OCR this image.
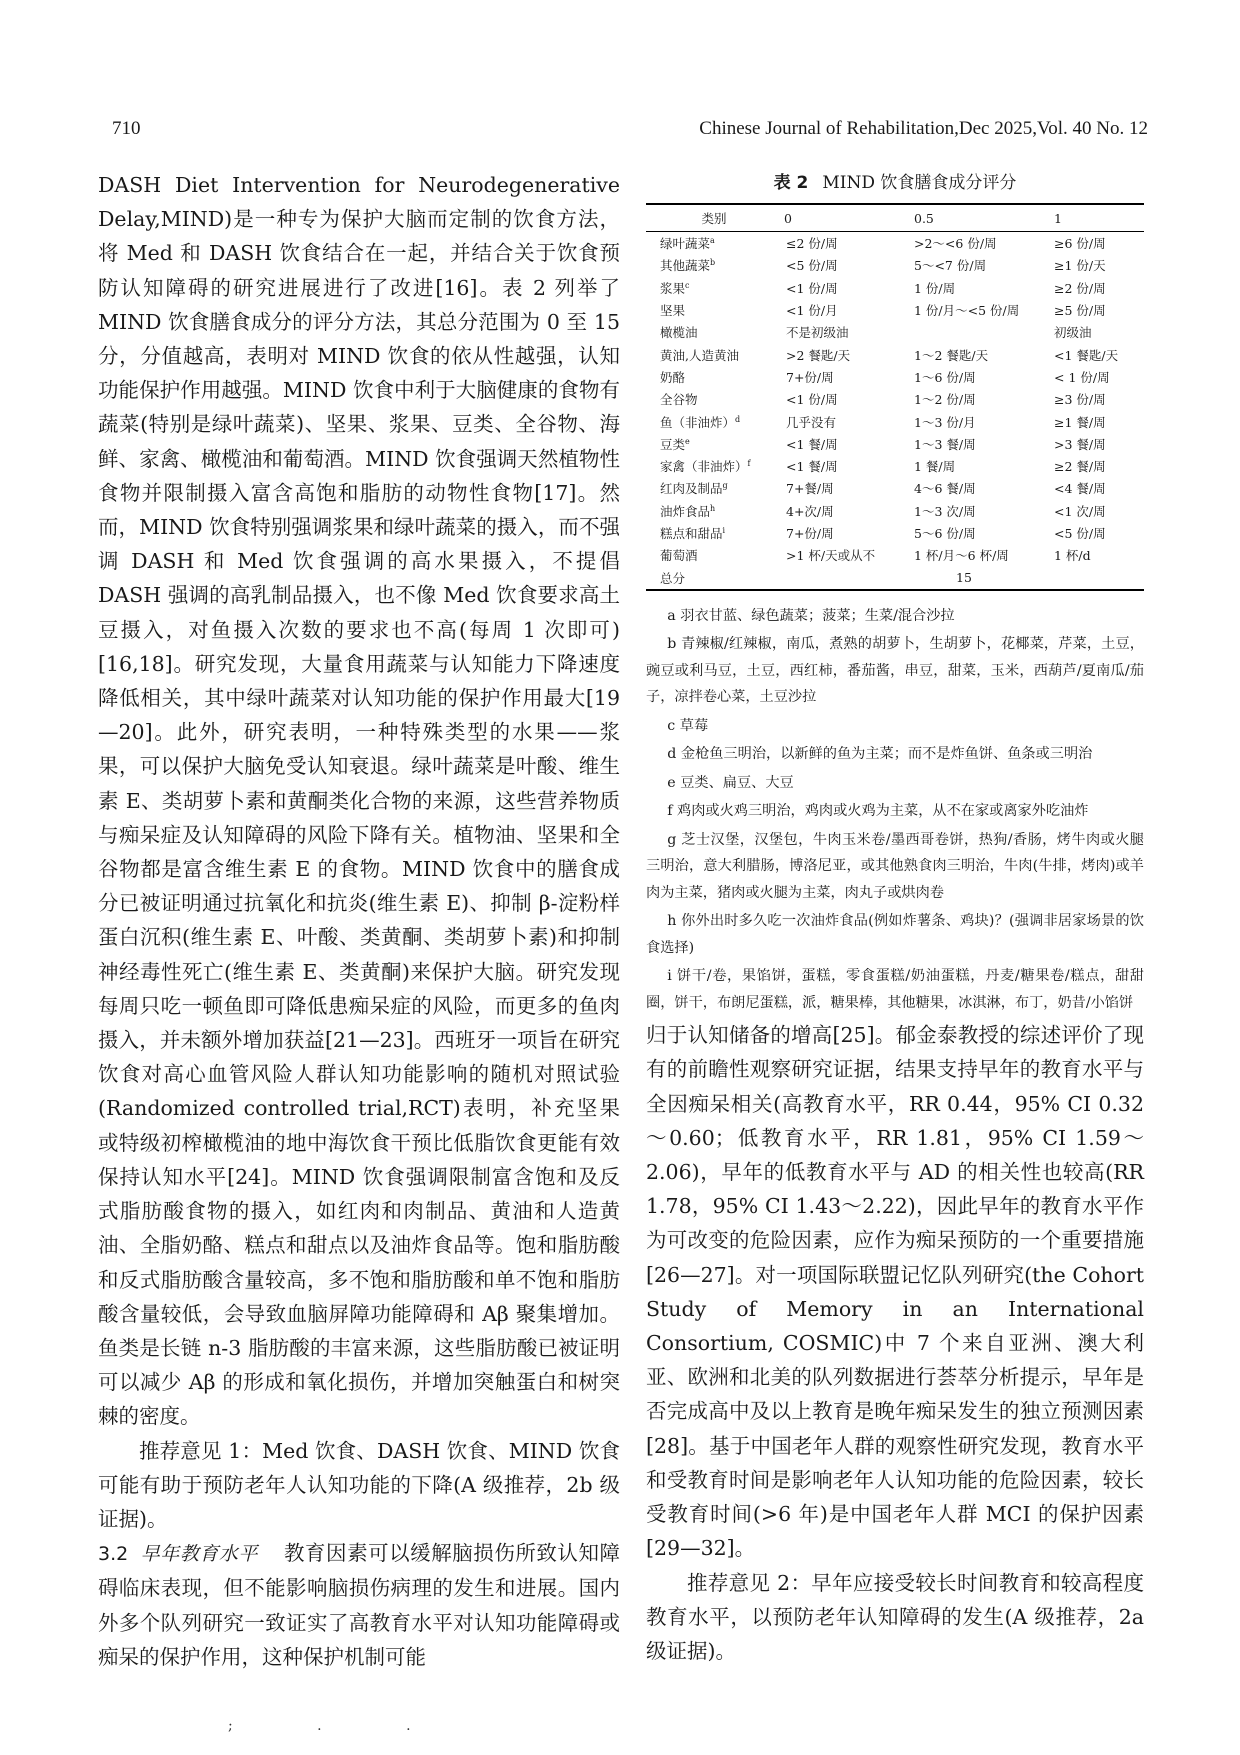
710	Chinese Journal of Rehabilitation,Dec 2025,Vol. 40 No. 12

DASH Diet Intervention for Neurodegenerative Delay,MIND)是一种专为保护大脑而定制的饮食方法，将 Med 和 DASH 饮食结合在一起，并结合关于饮食预防认知障碍的研究进展进行了改进[16]。表 2 列举了 MIND 饮食膳食成分的评分方法，其总分范围为 0 至 15 分，分值越高，表明对 MIND 饮食的依从性越强，认知功能保护作用越强。MIND 饮食中利于大脑健康的食物有蔬菜(特别是绿叶蔬菜)、坚果、浆果、豆类、全谷物、海鲜、家禽、橄榄油和葡萄酒。MIND 饮食强调天然植物性食物并限制摄入富含高饱和脂肪的动物性食物[17]。然而，MIND 饮食特别强调浆果和绿叶蔬菜的摄入，而不强调 DASH 和 Med 饮食强调的高水果摄入，不提倡 DASH 强调的高乳制品摄入，也不像 Med 饮食要求高土豆摄入，对鱼摄入次数的要求也不高(每周 1 次即可)[16,18]。研究发现，大量食用蔬菜与认知能力下降速度降低相关，其中绿叶蔬菜对认知功能的保护作用最大[19—20]。此外，研究表明，一种特殊类型的水果——浆果，可以保护大脑免受认知衰退。绿叶蔬菜是叶酸、维生素 E、类胡萝卜素和黄酮类化合物的来源，这些营养物质与痴呆症及认知障碍的风险下降有关。植物油、坚果和全谷物都是富含维生素 E 的食物。MIND 饮食中的膳食成分已被证明通过抗氧化和抗炎(维生素 E)、抑制 β-淀粉样蛋白沉积(维生素 E、叶酸、类黄酮、类胡萝卜素)和抑制神经毒性死亡(维生素 E、类黄酮)来保护大脑。研究发现每周只吃一顿鱼即可降低患痴呆症的风险，而更多的鱼肉摄入，并未额外增加获益[21—23]。西班牙一项旨在研究饮食对高心血管风险人群认知功能影响的随机对照试验(Randomized controlled trial,RCT)表明，补充坚果或特级初榨橄榄油的地中海饮食干预比低脂饮食更能有效保持认知水平[24]。MIND 饮食强调限制富含饱和及反式脂肪酸食物的摄入，如红肉和肉制品、黄油和人造黄油、全脂奶酪、糕点和甜点以及油炸食品等。饱和脂肪酸和反式脂肪酸含量较高，多不饱和脂肪酸和单不饱和脂肪酸含量较低，会导致血脑屏障功能障碍和 Aβ 聚集增加。鱼类是长链 n-3 脂肪酸的丰富来源，这些脂肪酸已被证明可以减少 Aβ 的形成和氧化损伤，并增加突触蛋白和树突棘的密度。

推荐意见 1：Med 饮食、DASH 饮食、MIND 饮食可能有助于预防老年人认知功能的下降(A 级推荐，2b 级证据)。

3.2 早年教育水平 教育因素可以缓解脑损伤所致认知障碍临床表现，但不能影响脑损伤病理的发生和进展。国内外多个队列研究一致证实了高教育水平对认知功能障碍或痴呆的保护作用，这种保护机制可能

表 2 MIND 饮食膳食成分评分
类别	0	0.5	1
绿叶蔬菜$^a$	≤2 份/周	>2～<6 份/周	≥6 份/周
其他蔬菜$^b$	<5 份/周	5～<7 份/周	≥1 份/天
浆果$^c$	<1 份/周	1 份/周	≥2 份/周
坚果	<1 份/月	1 份/月～<5 份/周	≥5 份/周
橄榄油	不是初级油		初级油
黄油,人造黄油	>2 餐匙/天	1～2 餐匙/天	<1 餐匙/天
奶酪	7+份/周	1～6 份/周	< 1 份/周
全谷物	<1 份/周	1～2 份/周	≥3 份/周
鱼（非油炸）$^d$	几乎没有	1～3 份/月	≥1 餐/周
豆类$^e$	<1 餐/周	1～3 餐/周	>3 餐/周
家禽（非油炸）$^f$	<1 餐/周	1 餐/周	≥2 餐/周
红肉及制品$^g$	7+餐/周	4～6 餐/周	<4 餐/周
油炸食品$^h$	4+次/周	1～3 次/周	<1 次/周
糕点和甜品$^i$	7+份/周	5～6 份/周	<5 份/周
葡萄酒	>1 杯/天或从不	1 杯/月～6 杯/周	1 杯/d
总分	15		

a 羽衣甘蓝、绿色蔬菜；菠菜；生菜/混合沙拉

b 青辣椒/红辣椒，南瓜，煮熟的胡萝卜，生胡萝卜，花椰菜，芹菜，土豆，豌豆或利马豆，土豆，西红柿，番茄酱，串豆，甜菜，玉米，西葫芦/夏南瓜/茄子，凉拌卷心菜，土豆沙拉

c 草莓

d 金枪鱼三明治，以新鲜的鱼为主菜；而不是炸鱼饼、鱼条或三明治

e 豆类、扁豆、大豆

f 鸡肉或火鸡三明治，鸡肉或火鸡为主菜，从不在家或离家外吃油炸

g 芝士汉堡，汉堡包，牛肉玉米卷/墨西哥卷饼，热狗/香肠，烤牛肉或火腿三明治，意大利腊肠，博洛尼亚，或其他熟食肉三明治，牛肉(牛排，烤肉)或羊肉为主菜，猪肉或火腿为主菜，肉丸子或烘肉卷

h 你外出时多久吃一次油炸食品(例如炸薯条、鸡块)？(强调非居家场景的饮食选择)

i 饼干/卷，果馅饼，蛋糕，零食蛋糕/奶油蛋糕，丹麦/糖果卷/糕点，甜甜圈，饼干，布朗尼蛋糕，派，糖果棒，其他糖果，冰淇淋，布丁，奶昔/小馅饼

归于认知储备的增高[25]。郁金泰教授的综述评价了现有的前瞻性观察研究证据，结果支持早年的教育水平与全因痴呆相关(高教育水平，RR 0.44，95% CI 0.32～0.60；低教育水平，RR 1.81，95% CI 1.59～2.06)，早年的低教育水平与 AD 的相关性也较高(RR 1.78，95% CI 1.43～2.22)，因此早年的教育水平作为可改变的危险因素，应作为痴呆预防的一个重要措施[26—27]。对一项国际联盟记忆队列研究(the Cohort Study of Memory in an International Consortium, COSMIC)中 7 个来自亚洲、澳大利亚、欧洲和北美的队列数据进行荟萃分析提示，早年是否完成高中及以上教育是晚年痴呆发生的独立预测因素[28]。基于中国老年人群的观察性研究发现，教育水平和受教育时间是影响老年人认知功能的危险因素，较长受教育时间(>6 年)是中国老年人群 MCI 的保护因素[29—32]。

推荐意见 2：早年应接受较长时间教育和较高程度教育水平，以预防老年认知障碍的发生(A 级推荐，2a 级证据)。

; . .
